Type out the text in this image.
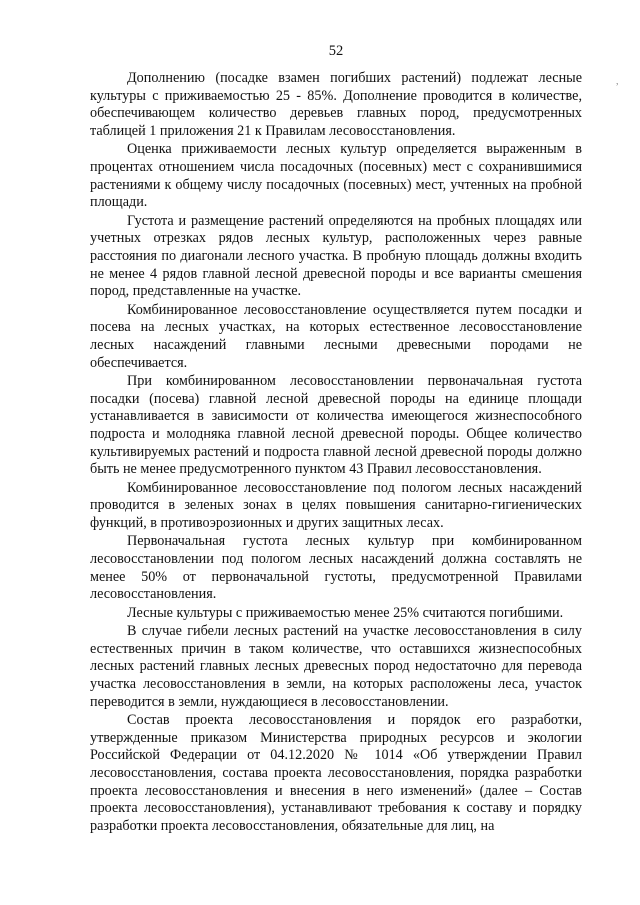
52

Дополнению (посадке взамен погибших растений) подлежат лесные культуры с приживаемостью 25 - 85%. Дополнение проводится в количестве, обеспечивающем количество деревьев главных пород, предусмотренных таблицей 1 приложения 21 к Правилам лесовосстановления.

Оценка приживаемости лесных культур определяется выраженным в процентах отношением числа посадочных (посевных) мест с сохранившимися растениями к общему числу посадочных (посевных) мест, учтенных на пробной площади.

Густота и размещение растений определяются на пробных площадях или учетных отрезках рядов лесных культур, расположенных через равные расстояния по диагонали лесного участка. В пробную площадь должны входить не менее 4 рядов главной лесной древесной породы и все варианты смешения пород, представленные на участке.

Комбинированное лесовосстановление осуществляется путем посадки и посева на лесных участках, на которых естественное лесовосстановление лесных насаждений главными лесными древесными породами не обеспечивается.

При комбинированном лесовосстановлении первоначальная густота посадки (посева) главной лесной древесной породы на единице площади устанавливается в зависимости от количества имеющегося жизнеспособного подроста и молодняка главной лесной древесной породы. Общее количество культивируемых растений и подроста главной лесной древесной породы должно быть не менее предусмотренного пунктом 43 Правил лесовосстановления.

Комбинированное лесовосстановление под пологом лесных насаждений проводится в зеленых зонах в целях повышения санитарно-гигиенических функций, в противоэрозионных и других защитных лесах.

Первоначальная густота лесных культур при комбинированном лесовосстановлении под пологом лесных насаждений должна составлять не менее 50% от первоначальной густоты, предусмотренной Правилами лесовосстановления.

Лесные культуры с приживаемостью менее 25% считаются погибшими.

В случае гибели лесных растений на участке лесовосстановления в силу естественных причин в таком количестве, что оставшихся жизнеспособных лесных растений главных лесных древесных пород недостаточно для перевода участка лесовосстановления в земли, на которых расположены леса, участок переводится в земли, нуждающиеся в лесовосстановлении.

Состав проекта лесовосстановления и порядок его разработки, утвержденные приказом Министерства природных ресурсов и экологии Российской Федерации от 04.12.2020 № 1014 «Об утверждении Правил лесовосстановления, состава проекта лесовосстановления, порядка разработки проекта лесовосстановления и внесения в него изменений» (далее – Состав проекта лесовосстановления), устанавливают требования к составу и порядку разработки проекта лесовосстановления, обязательные для лиц, на

,
